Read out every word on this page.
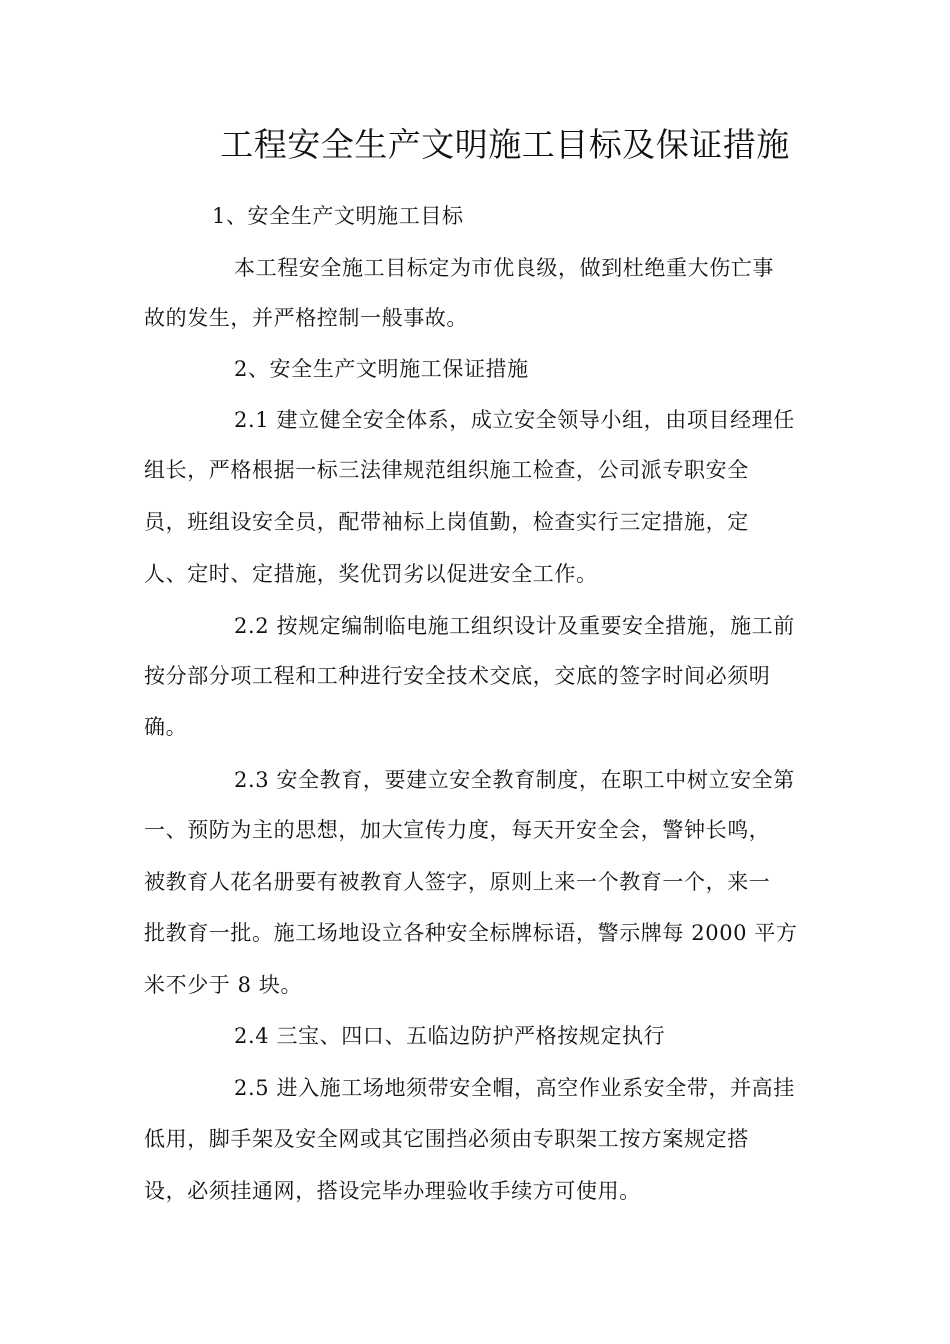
工程安全生产文明施工目标及保证措施
1、安全生产文明施工目标
本工程安全施工目标定为市优良级，做到杜绝重大伤亡事
故的发生，并严格控制一般事故。
2、安全生产文明施工保证措施
2.1 建立健全安全体系，成立安全领导小组，由项目经理任
组长，严格根据一标三法律规范组织施工检查，公司派专职安全
员，班组设安全员，配带袖标上岗值勤，检查实行三定措施，定
人、定时、定措施，奖优罚劣以促进安全工作。
2.2 按规定编制临电施工组织设计及重要安全措施，施工前
按分部分项工程和工种进行安全技术交底，交底的签字时间必须明
确。
2.3 安全教育，要建立安全教育制度，在职工中树立安全第
一、预防为主的思想，加大宣传力度，每天开安全会，警钟长鸣，
被教育人花名册要有被教育人签字，原则上来一个教育一个，来一
批教育一批。施工场地设立各种安全标牌标语，警示牌每 2000 平方
米不少于 8 块。
2.4 三宝、四口、五临边防护严格按规定执行
2.5 进入施工场地须带安全帽，高空作业系安全带，并高挂
低用，脚手架及安全网或其它围挡必须由专职架工按方案规定搭
设，必须挂通网，搭设完毕办理验收手续方可使用。
